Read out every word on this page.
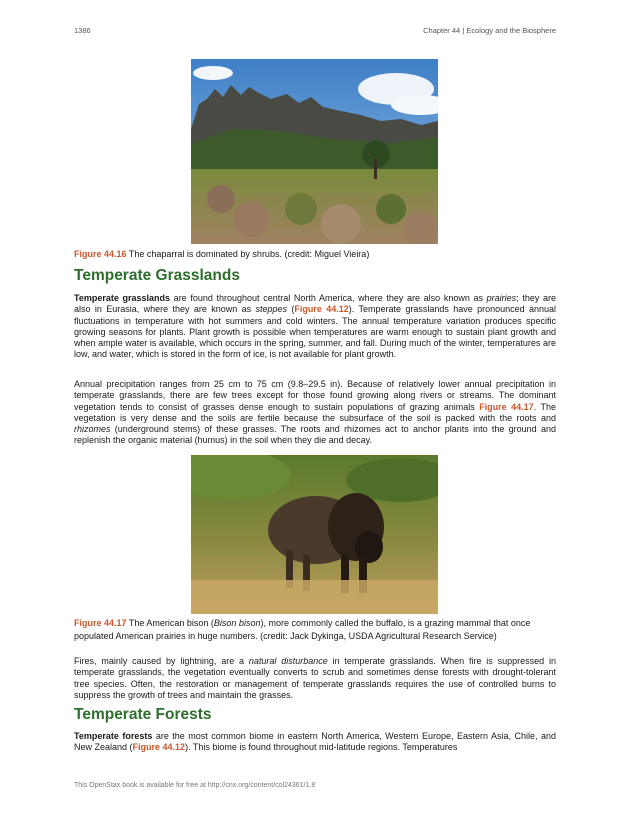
1386	Chapter 44 | Ecology and the Biosphere
Figure 44.16 The chaparral is dominated by shrubs. (credit: Miguel Vieira)
Temperate Grasslands

Temperate grasslands are found throughout central North America, where they are also known as prairies; they are also in Eurasia, where they are known as steppes (Figure 44.12). Temperate grasslands have pronounced annual fluctuations in temperature with hot summers and cold winters. The annual temperature variation produces specific growing seasons for plants. Plant growth is possible when temperatures are warm enough to sustain plant growth and when ample water is available, which occurs in the spring, summer, and fall. During much of the winter, temperatures are low, and water, which is stored in the form of ice, is not available for plant growth.

Annual precipitation ranges from 25 cm to 75 cm (9.8–29.5 in). Because of relatively lower annual precipitation in temperate grasslands, there are few trees except for those found growing along rivers or streams. The dominant vegetation tends to consist of grasses dense enough to sustain populations of grazing animals Figure 44.17. The vegetation is very dense and the soils are fertile because the subsurface of the soil is packed with the roots and rhizomes (underground stems) of these grasses. The roots and rhizomes act to anchor plants into the ground and replenish the organic material (humus) in the soil when they die and decay.

Figure 44.17 The American bison (Bison bison), more commonly called the buffalo, is a grazing mammal that once populated American prairies in huge numbers. (credit: Jack Dykinga, USDA Agricultural Research Service)

Fires, mainly caused by lightning, are a natural disturbance in temperate grasslands. When fire is suppressed in temperate grasslands, the vegetation eventually converts to scrub and sometimes dense forests with drought-tolerant tree species. Often, the restoration or management of temperate grasslands requires the use of controlled burns to suppress the growth of trees and maintain the grasses.

Temperate Forests

Temperate forests are the most common biome in eastern North America, Western Europe, Eastern Asia, Chile, and New Zealand (Figure 44.12). This biome is found throughout mid-latitude regions. Temperatures

This OpenStax book is available for free at http://cnx.org/content/col24361/1.8
